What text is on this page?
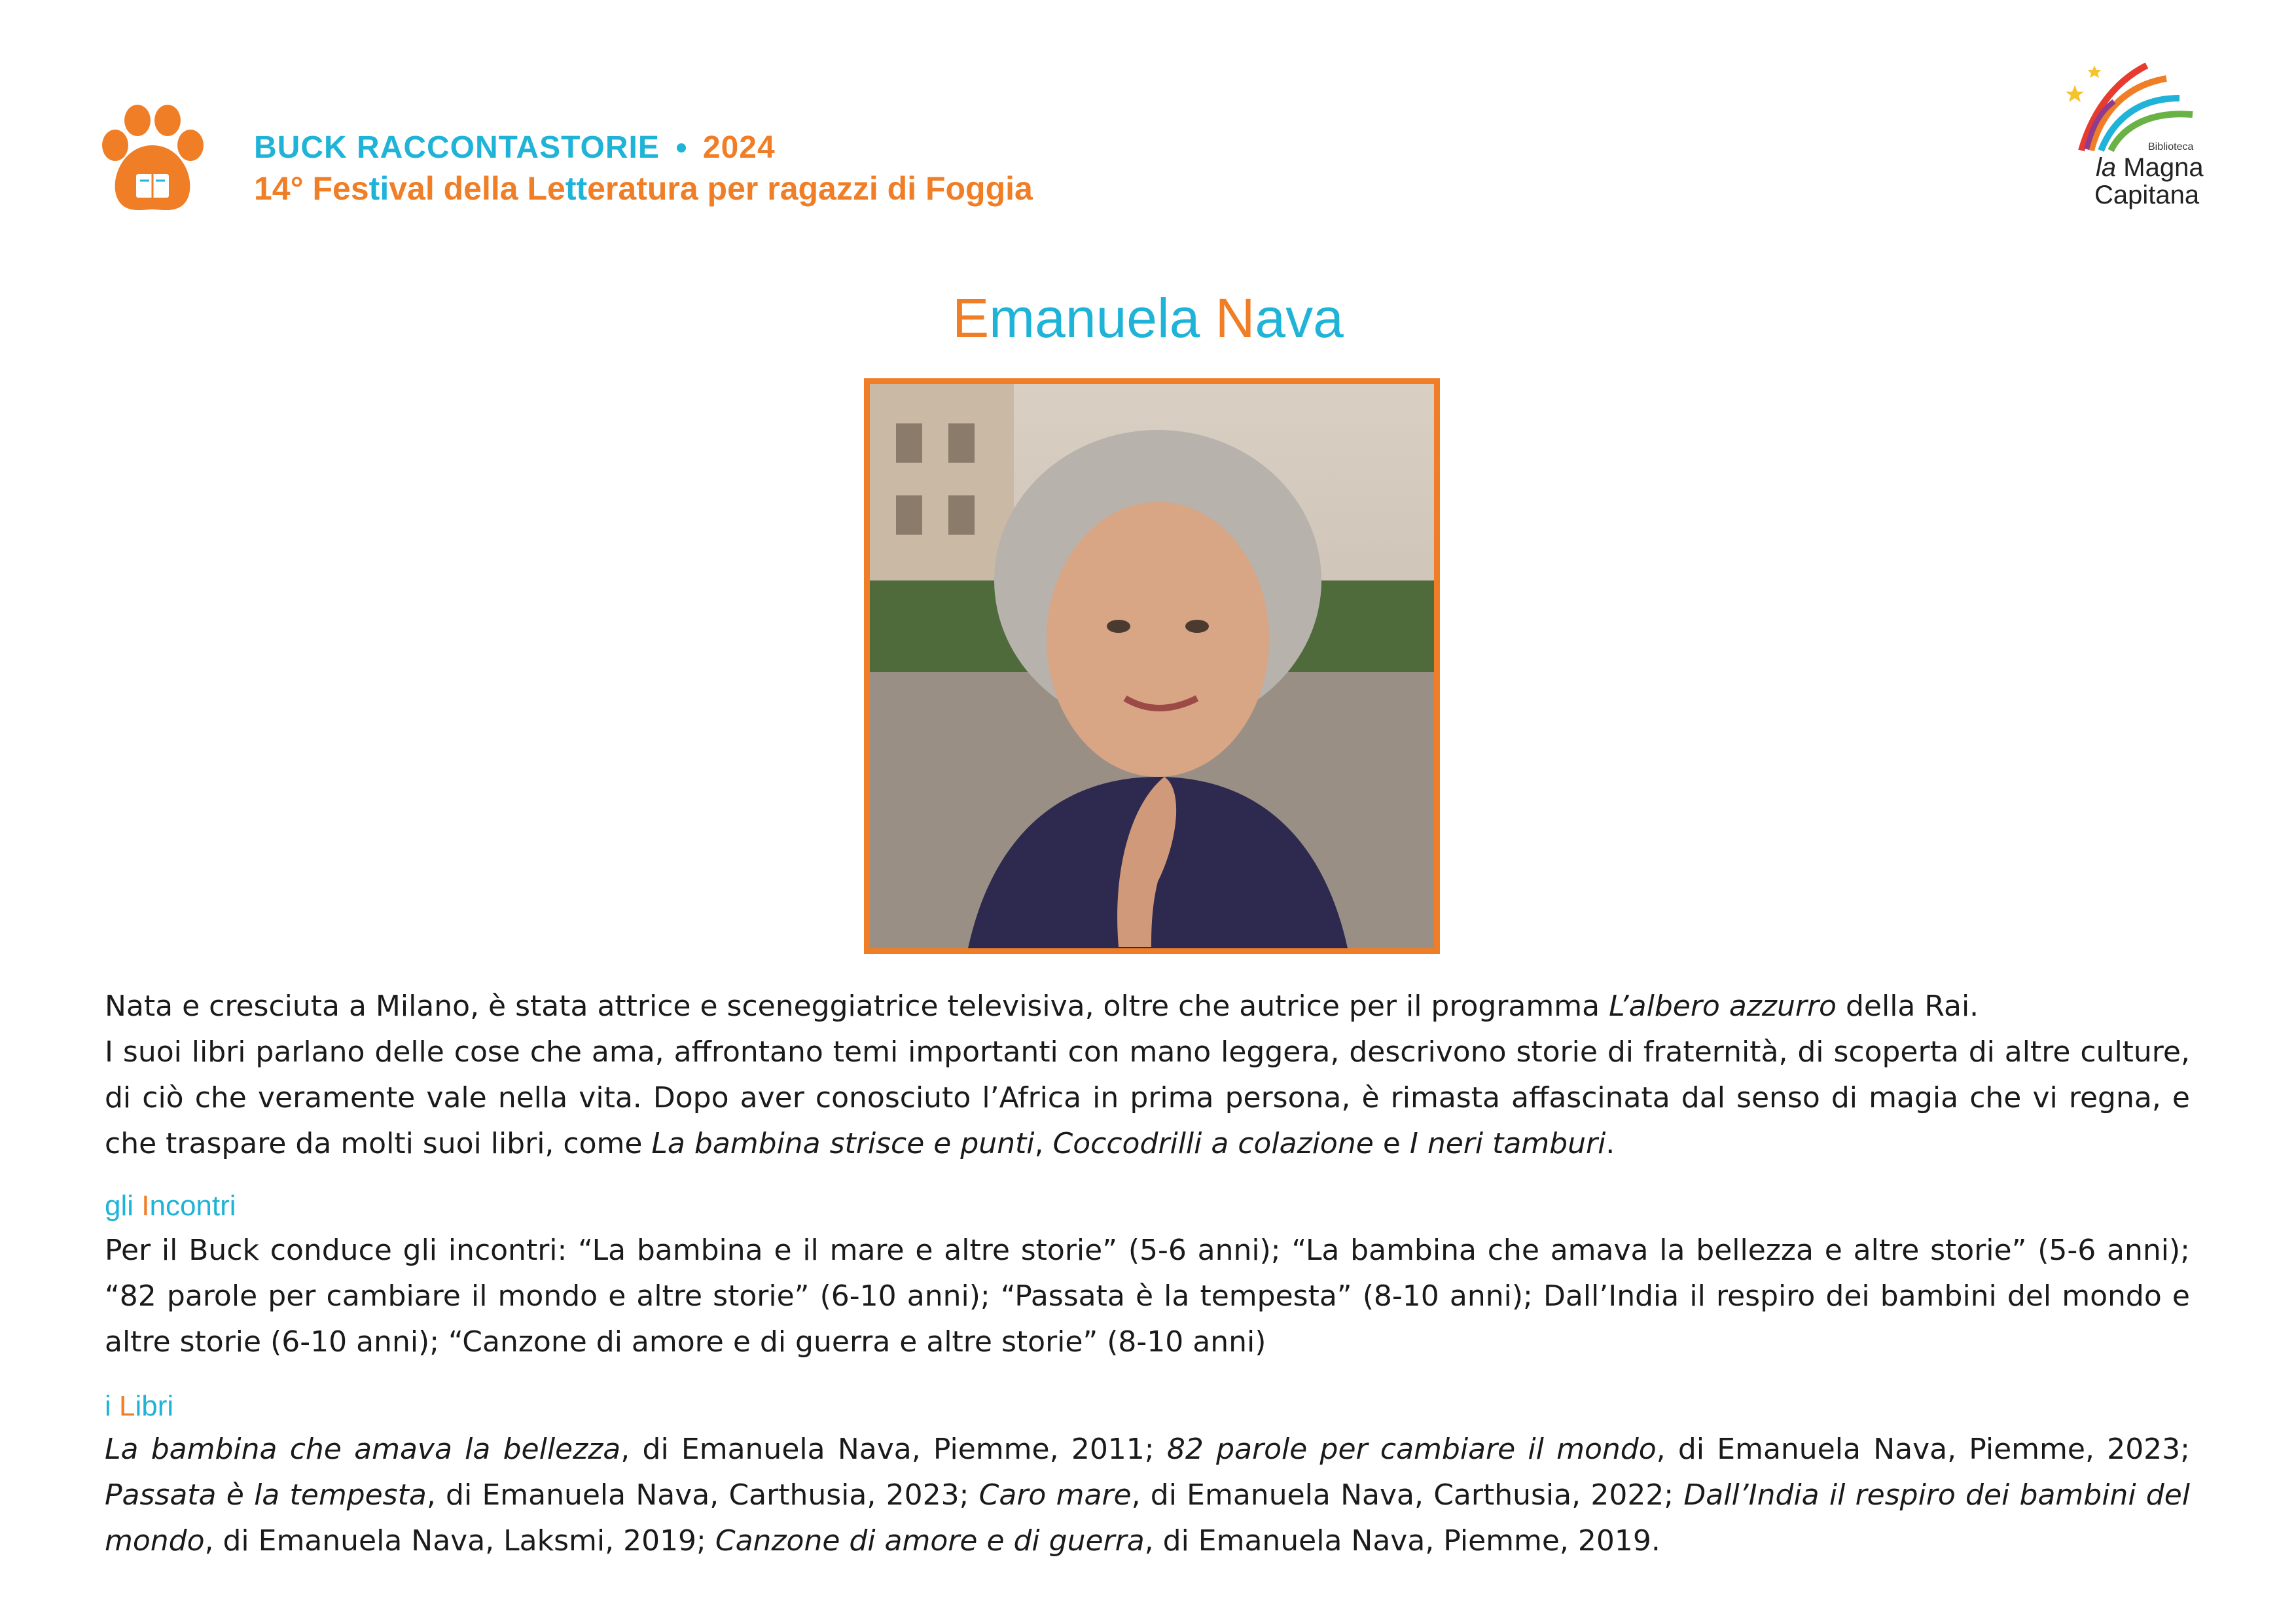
BUCK RACCONTASTORIE 2024
14° Festival della Letteratura per ragazzi di Foggia
Biblioteca
la Magna
Capitana
Emanuela Nava

Nata e cresciuta a Milano, è stata attrice e sceneggiatrice televisiva, oltre che autrice per il programma L’albero azzurro della Rai.

I suoi libri parlano delle cose che ama, affrontano temi importanti con mano leggera, descrivono storie di fraternità, di scoperta di altre culture, di ciò che veramente vale nella vita. Dopo aver conosciuto l’Africa in prima persona, è rimasta affascinata dal senso di magia che vi regna, e che traspare da molti suoi libri, come La bambina strisce e punti, Coccodrilli a colazione e I neri tamburi.

gli Incontri

Per il Buck conduce gli incontri: “La bambina e il mare e altre storie” (5-6 anni); “La bambina che amava la bellezza e altre storie” (5-6 anni); “82 parole per cambiare il mondo e altre storie” (6-10 anni); “Passata è la tempesta” (8-10 anni); Dall’India il respiro dei bambini del mondo e altre storie (6-10 anni); “Canzone di amore e di guerra e altre storie” (8-10 anni)

i Libri

La bambina che amava la bellezza, di Emanuela Nava, Piemme, 2011; 82 parole per cambiare il mondo, di Emanuela Nava, Piemme, 2023; Passata è la tempesta, di Emanuela Nava, Carthusia, 2023; Caro mare, di Emanuela Nava, Carthusia, 2022; Dall’India il respiro dei bambini del mondo, di Emanuela Nava, Laksmi, 2019; Canzone di amore e di guerra, di Emanuela Nava, Piemme, 2019.
